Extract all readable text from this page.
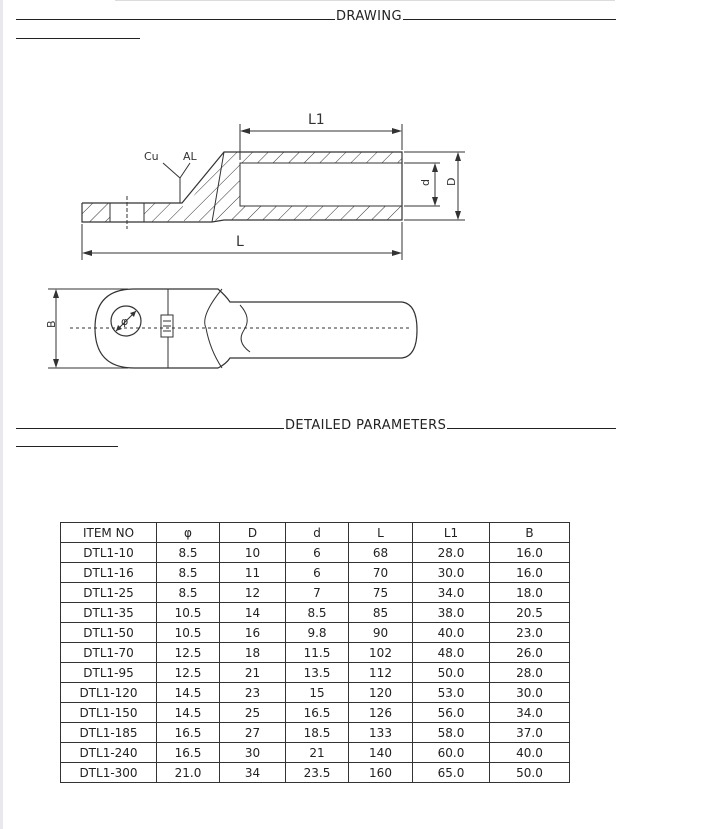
DRAWING
Cu AL
L1
L
d D
φ
B
DETAILED PARAMETERS
ITEM NO	φ	D	d	L	L1	B
DTL1-10	8.5	10	6	68	28.0	16.0
DTL1-16	8.5	11	6	70	30.0	16.0
DTL1-25	8.5	12	7	75	34.0	18.0
DTL1-35	10.5	14	8.5	85	38.0	20.5
DTL1-50	10.5	16	9.8	90	40.0	23.0
DTL1-70	12.5	18	11.5	102	48.0	26.0
DTL1-95	12.5	21	13.5	112	50.0	28.0
DTL1-120	14.5	23	15	120	53.0	30.0
DTL1-150	14.5	25	16.5	126	56.0	34.0
DTL1-185	16.5	27	18.5	133	58.0	37.0
DTL1-240	16.5	30	21	140	60.0	40.0
DTL1-300	21.0	34	23.5	160	65.0	50.0
